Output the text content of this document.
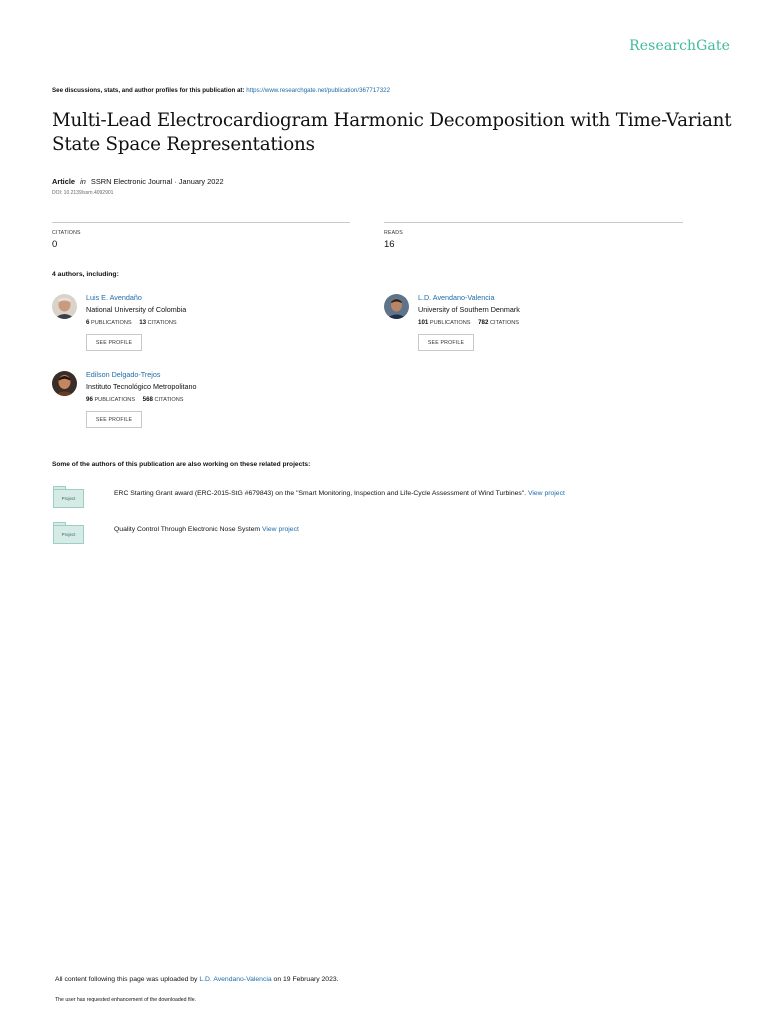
ResearchGate
See discussions, stats, and author profiles for this publication at: https://www.researchgate.net/publication/367717322
Multi-Lead Electrocardiogram Harmonic Decomposition with Time-Variant State Space Representations
Article in SSRN Electronic Journal · January 2022
DOI: 10.2139/ssrn.4092901
CITATIONS
0
READS
16
4 authors, including:
Luis E. Avendaño
National University of Colombia
6 PUBLICATIONS 13 CITATIONS
SEE PROFILE
L.D. Avendano-Valencia
University of Southern Denmark
101 PUBLICATIONS 782 CITATIONS
SEE PROFILE
Edilson Delgado-Trejos
Instituto Tecnológico Metropolitano
96 PUBLICATIONS 568 CITATIONS
SEE PROFILE
Some of the authors of this publication are also working on these related projects:
Project
ERC Starting Grant award (ERC-2015-StG #679843) on the "Smart Monitoring, Inspection and Life-Cycle Assessment of Wind Turbines". View project
Project
Quality Control Through Electronic Nose System View project
All content following this page was uploaded by L.D. Avendano-Valencia on 19 February 2023.
The user has requested enhancement of the downloaded file.
